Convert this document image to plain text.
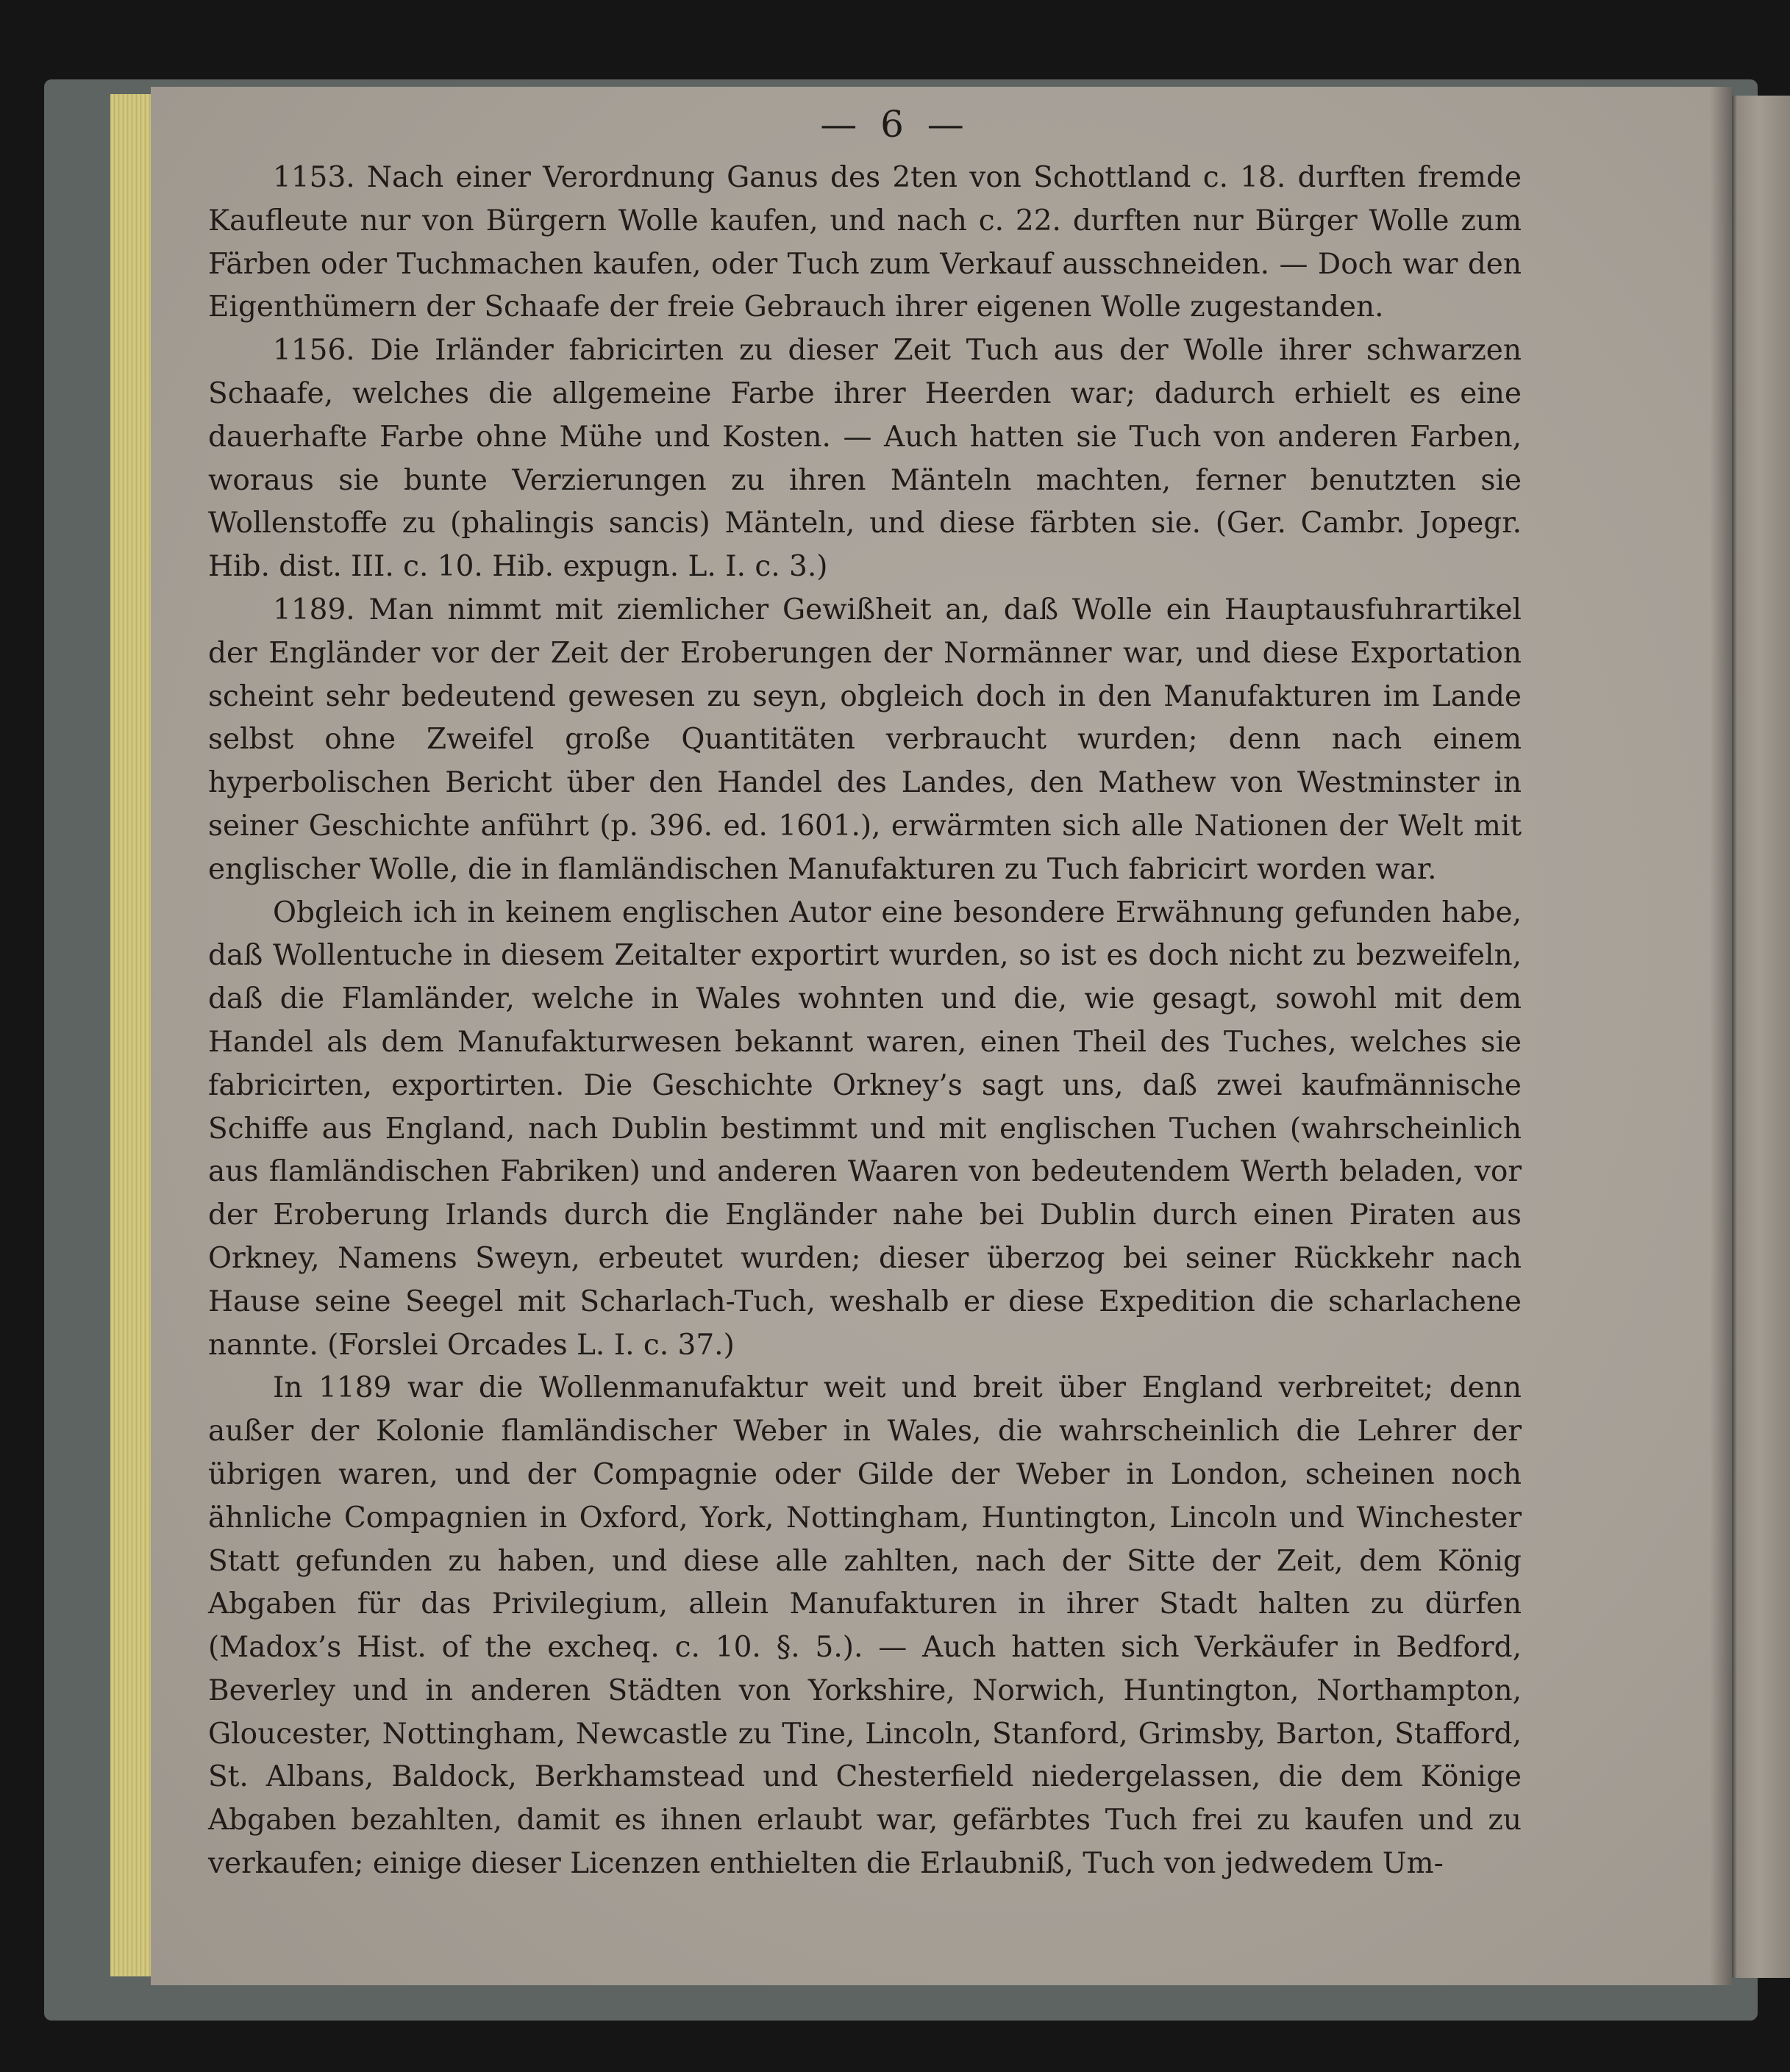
— 6 —

1153. Nach einer Verordnung Ganus des 2ten von Schottland c. 18. durften fremde Kaufleute nur von Bürgern Wolle kaufen, und nach c. 22. durften nur Bürger Wolle zum Färben oder Tuchmachen kaufen, oder Tuch zum Verkauf ausschneiden. — Doch war den Eigenthümern der Schaafe der freie Gebrauch ihrer eigenen Wolle zugestanden.

1156. Die Irländer fabricirten zu dieser Zeit Tuch aus der Wolle ihrer schwarzen Schaafe, welches die allgemeine Farbe ihrer Heerden war; dadurch erhielt es eine dauerhafte Farbe ohne Mühe und Kosten. — Auch hatten sie Tuch von anderen Farben, woraus sie bunte Verzierungen zu ihren Mänteln machten, ferner benutzten sie Wollenstoffe zu (phalingis sancis) Mänteln, und diese färbten sie. (Ger. Cambr. Jopegr. Hib. dist. III. c. 10. Hib. expugn. L. I. c. 3.)

1189. Man nimmt mit ziemlicher Gewißheit an, daß Wolle ein Hauptausfuhrartikel der Engländer vor der Zeit der Eroberungen der Normänner war, und diese Exportation scheint sehr bedeutend gewesen zu seyn, obgleich doch in den Manufakturen im Lande selbst ohne Zweifel große Quantitäten verbraucht wurden; denn nach einem hyperbolischen Bericht über den Handel des Landes, den Mathew von Westminster in seiner Geschichte anführt (p. 396. ed. 1601.), erwärmten sich alle Nationen der Welt mit englischer Wolle, die in flamländischen Manufakturen zu Tuch fabricirt worden war.

Obgleich ich in keinem englischen Autor eine besondere Erwähnung gefunden habe, daß Wollentuche in diesem Zeitalter exportirt wurden, so ist es doch nicht zu bezweifeln, daß die Flamländer, welche in Wales wohnten und die, wie gesagt, sowohl mit dem Handel als dem Manufakturwesen bekannt waren, einen Theil des Tuches, welches sie fabricirten, exportirten. Die Geschichte Orkney’s sagt uns, daß zwei kaufmännische Schiffe aus England, nach Dublin bestimmt und mit englischen Tuchen (wahrscheinlich aus flamländischen Fabriken) und anderen Waaren von bedeutendem Werth beladen, vor der Eroberung Irlands durch die Engländer nahe bei Dublin durch einen Piraten aus Orkney, Namens Sweyn, erbeutet wurden; dieser überzog bei seiner Rückkehr nach Hause seine Seegel mit Scharlach-Tuch, weshalb er diese Expedition die scharlachene nannte. (Forslei Orcades L. I. c. 37.)

In 1189 war die Wollenmanufaktur weit und breit über England verbreitet; denn außer der Kolonie flamländischer Weber in Wales, die wahrscheinlich die Lehrer der übrigen waren, und der Compagnie oder Gilde der Weber in London, scheinen noch ähnliche Compagnien in Oxford, York, Nottingham, Huntington, Lincoln und Winchester Statt gefunden zu haben, und diese alle zahlten, nach der Sitte der Zeit, dem König Abgaben für das Privilegium, allein Manufakturen in ihrer Stadt halten zu dürfen (Madox’s Hist. of the excheq. c. 10. §. 5.). — Auch hatten sich Verkäufer in Bedford, Beverley und in anderen Städten von Yorkshire, Norwich, Huntington, Northampton, Gloucester, Nottingham, Newcastle zu Tine, Lincoln, Stanford, Grimsby, Barton, Stafford, St. Albans, Baldock, Berkhamstead und Chesterfield niedergelassen, die dem Könige Abgaben bezahlten, damit es ihnen erlaubt war, gefärbtes Tuch frei zu kaufen und zu verkaufen; einige dieser Licenzen enthielten die Erlaubniß, Tuch von jedwedem Um-
